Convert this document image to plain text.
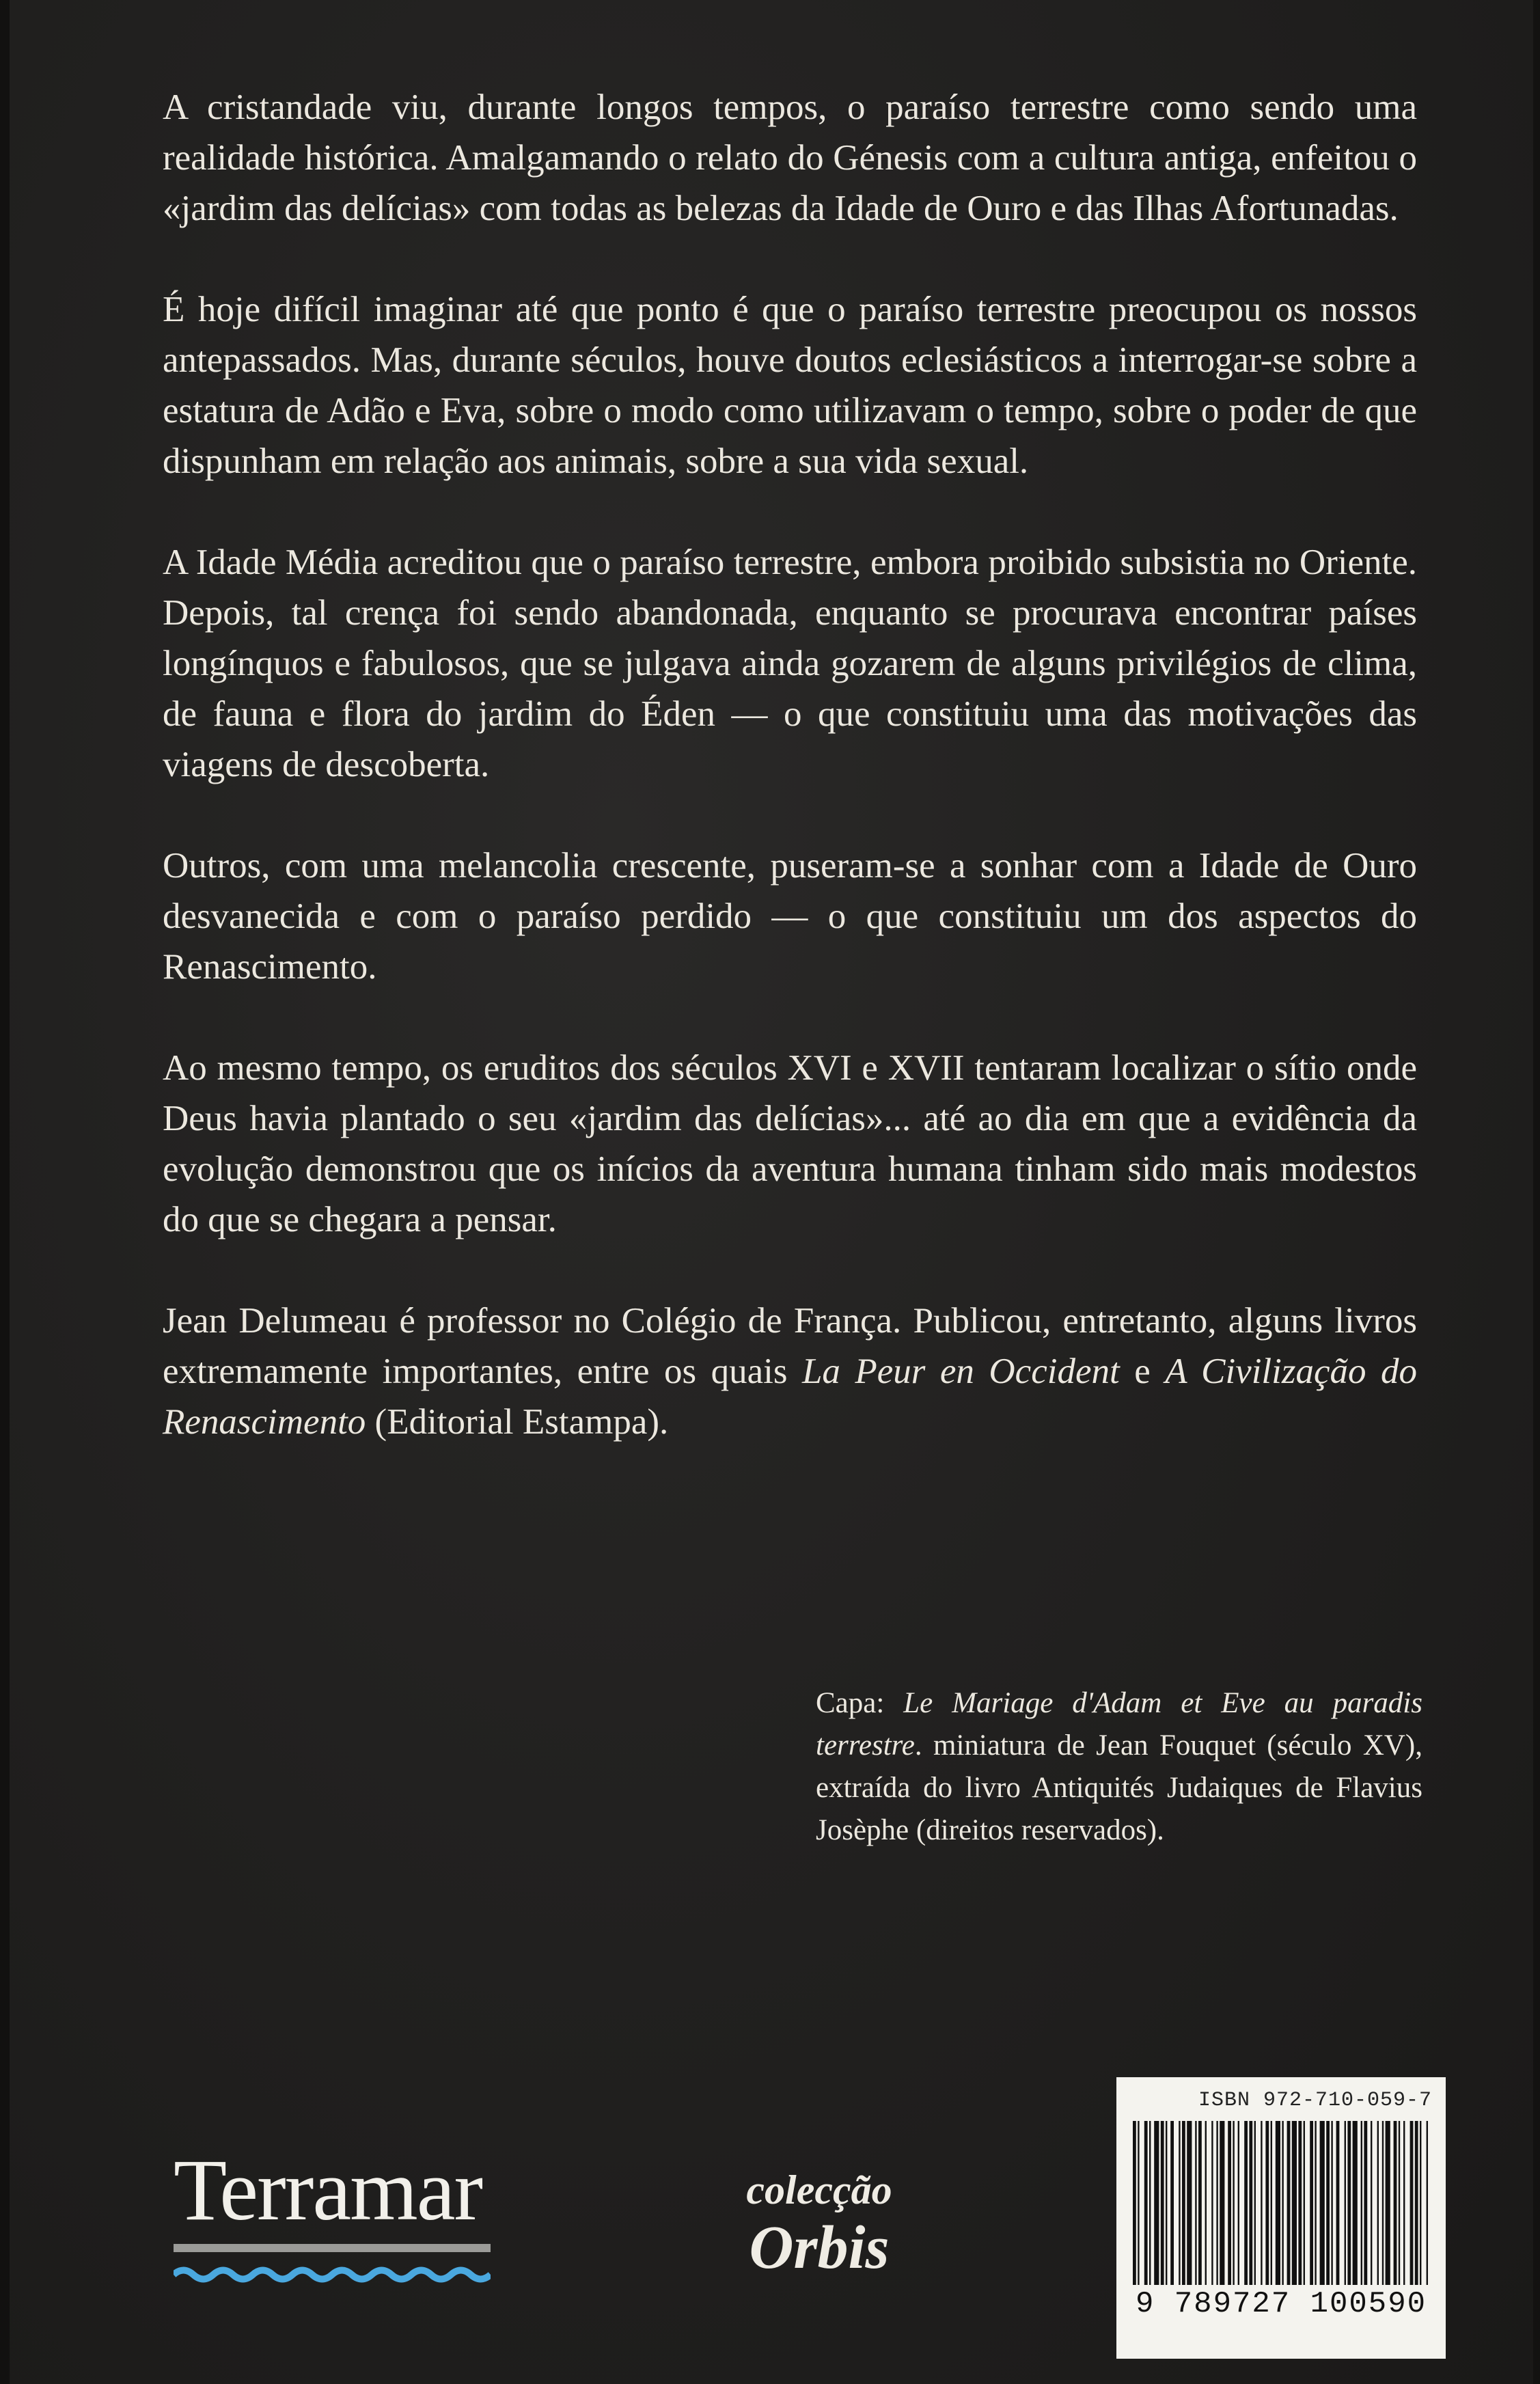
A cristandade viu, durante longos tempos, o paraíso terrestre como sendo uma realidade histórica. Amalgamando o relato do Génesis com a cultura antiga, enfeitou o «jardim das delícias» com todas as belezas da Idade de Ouro e das Ilhas Afortunadas.

É hoje difícil imaginar até que ponto é que o paraíso terrestre preocupou os nossos antepassados. Mas, durante séculos, houve doutos eclesiásticos a interrogar-se sobre a estatura de Adão e Eva, sobre o modo como utilizavam o tempo, sobre o poder de que dispunham em relação aos animais, sobre a sua vida sexual.

A Idade Média acreditou que o paraíso terrestre, embora proibido subsistia no Oriente. Depois, tal crença foi sendo abandonada, enquanto se procurava encontrar países longínquos e fabulosos, que se julgava ainda gozarem de alguns privilégios de clima, de fauna e flora do jardim do Éden — o que constituiu uma das motivações das viagens de descoberta.

Outros, com uma melancolia crescente, puseram-se a sonhar com a Idade de Ouro desvanecida e com o paraíso perdido — o que constituiu um dos aspectos do Renascimento.

Ao mesmo tempo, os eruditos dos séculos XVI e XVII tentaram localizar o sítio onde Deus havia plantado o seu «jardim das delícias»... até ao dia em que a evidência da evolução demonstrou que os inícios da aventura humana tinham sido mais modestos do que se chegara a pensar.

Jean Delumeau é professor no Colégio de França. Publicou, entretanto, alguns livros extremamente importantes, entre os quais La Peur en Occident e A Civilização do Renascimento (Editorial Estampa).

Capa: Le Mariage d'Adam et Eve au paradis terrestre. miniatura de Jean Fouquet (século XV), extraída do livro Antiquités Judaiques de Flavius Josèphe (direitos reservados).

Terramar	colecção
Orbis
ISBN 972-710-059-7
9 789727 100590
